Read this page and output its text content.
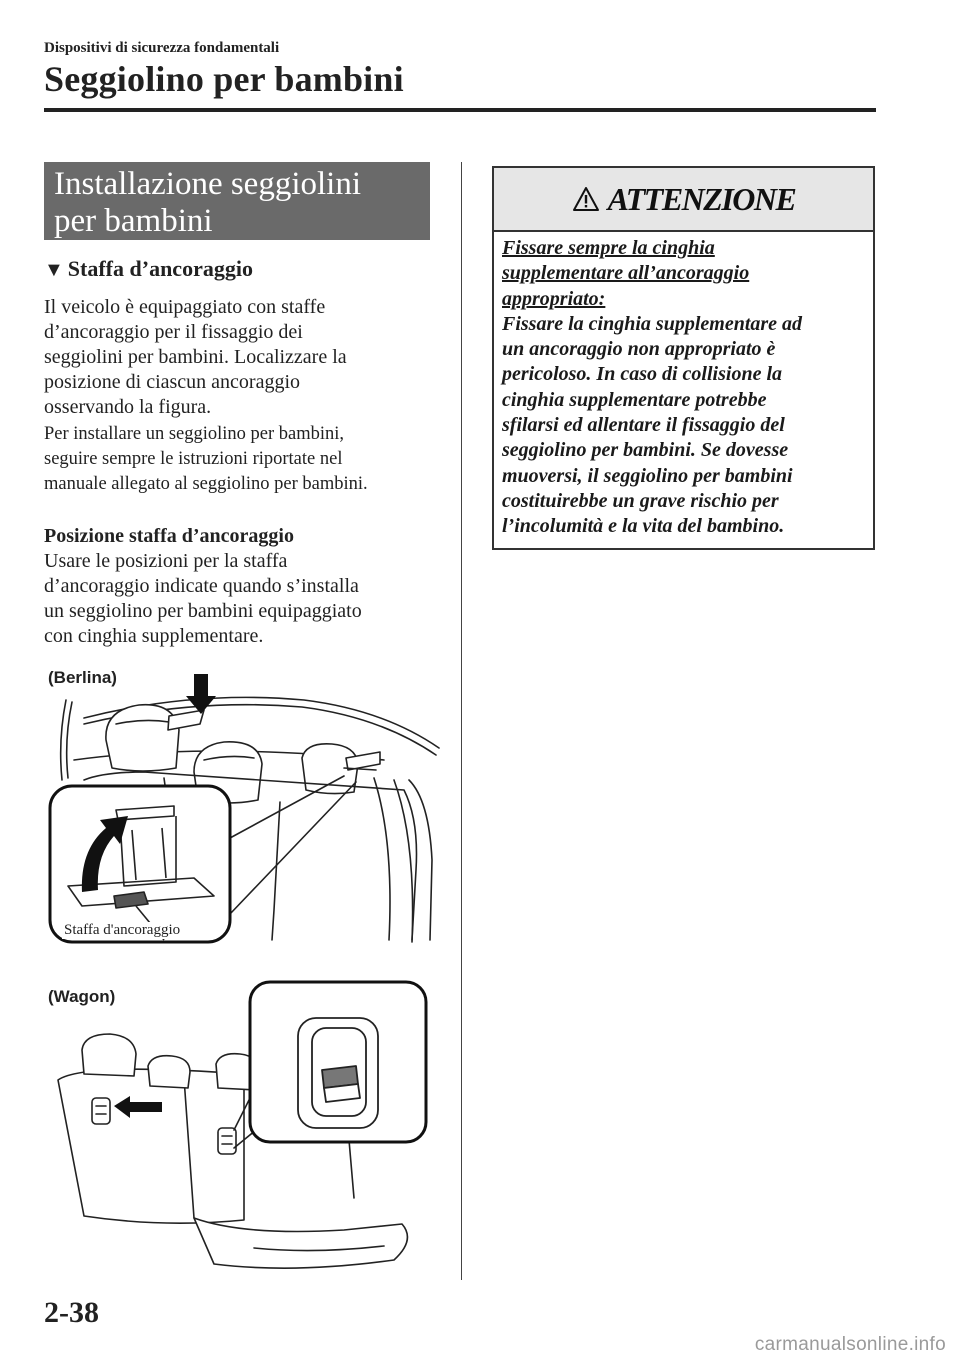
Dispositivi di sicurezza fondamentali
Seggiolino per bambini
Installazione seggiolini
per bambini
▼ Staffa d’ancoraggio
Il veicolo è equipaggiato con staffe
d’ancoraggio per il fissaggio dei
seggiolini per bambini. Localizzare la
posizione di ciascun ancoraggio
osservando la figura.
Per installare un seggiolino per bambini,
seguire sempre le istruzioni riportate nel
manuale allegato al seggiolino per bambini.
Posizione staffa d’ancoraggio
Usare le posizioni per la staffa
d’ancoraggio indicate quando s’installa
un seggiolino per bambini equipaggiato
con cinghia supplementare.
(Berlina)
Staffa d'ancoraggio
(Wagon)
ATTENZIONE
Fissare sempre la cinghia
supplementare all’ancoraggio
appropriato:
Fissare la cinghia supplementare ad
un ancoraggio non appropriato è
pericoloso. In caso di collisione la
cinghia supplementare potrebbe
sfilarsi ed allentare il fissaggio del
seggiolino per bambini. Se dovesse
muoversi, il seggiolino per bambini
costituirebbe un grave rischio per
l’incolumità e la vita del bambino.
2-38
carmanualsonline.info
